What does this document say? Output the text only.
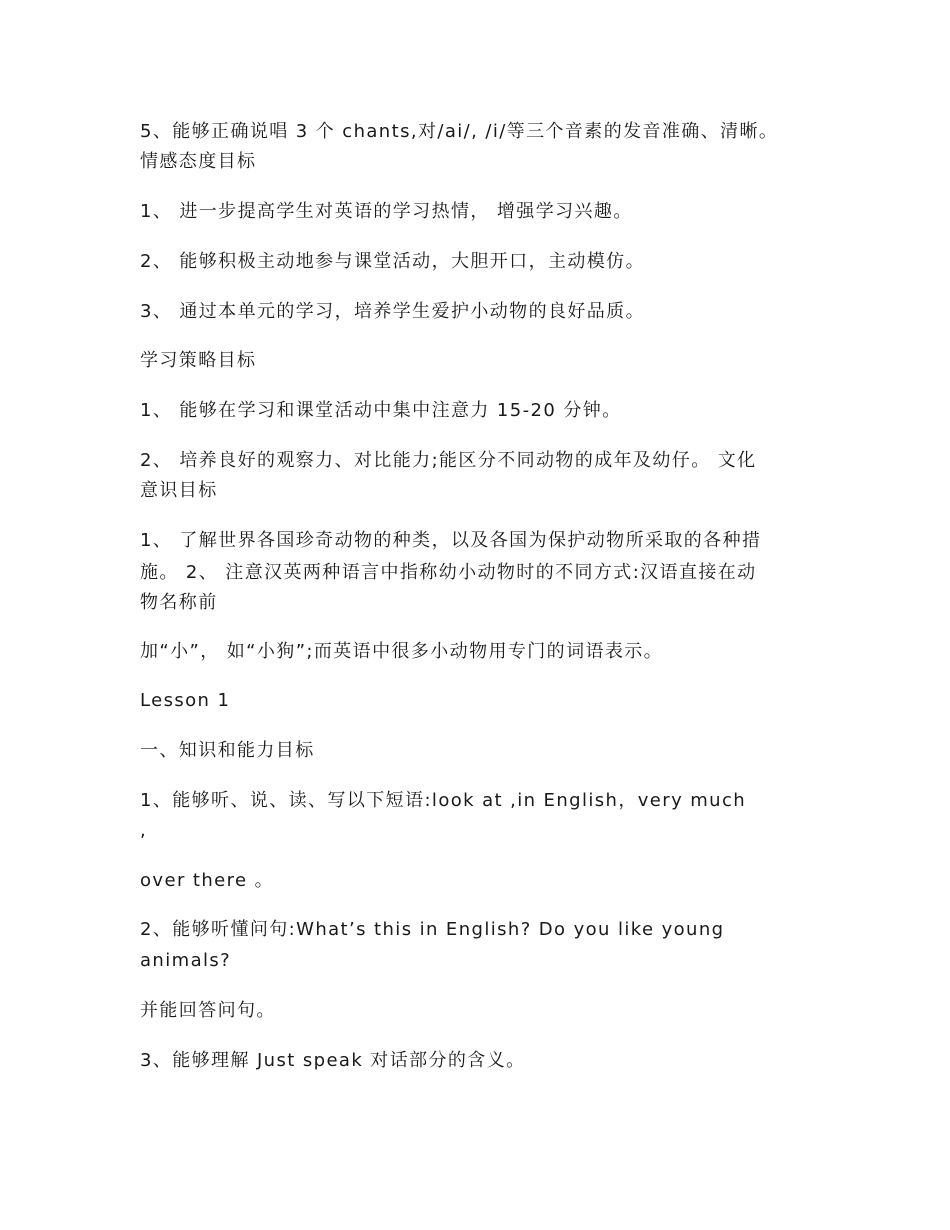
5、能够正确说唱 3 个 chants,对/ai/, /i/等三个音素的发音准确、清晰。

情感态度目标

1、 进一步提高学生对英语的学习热情， 增强学习兴趣。

2、 能够积极主动地参与课堂活动，大胆开口，主动模仿。

3、 通过本单元的学习，培养学生爱护小动物的良好品质。

学习策略目标

1、 能够在学习和课堂活动中集中注意力 15-20 分钟。

2、 培养良好的观察力、对比能力;能区分不同动物的成年及幼仔。 文化

意识目标

1、 了解世界各国珍奇动物的种类，以及各国为保护动物所采取的各种措

施。 2、 注意汉英两种语言中指称幼小动物时的不同方式:汉语直接在动

物名称前

加“小”， 如“小狗”;而英语中很多小动物用专门的词语表示。

Lesson 1

一、知识和能力目标

1、能够听、说、读、写以下短语:look at ,in English，very much

,

over there 。

2、能够听懂问句:What’s this in English? Do you like young

animals?

并能回答问句。

3、能够理解 Just speak 对话部分的含义。
